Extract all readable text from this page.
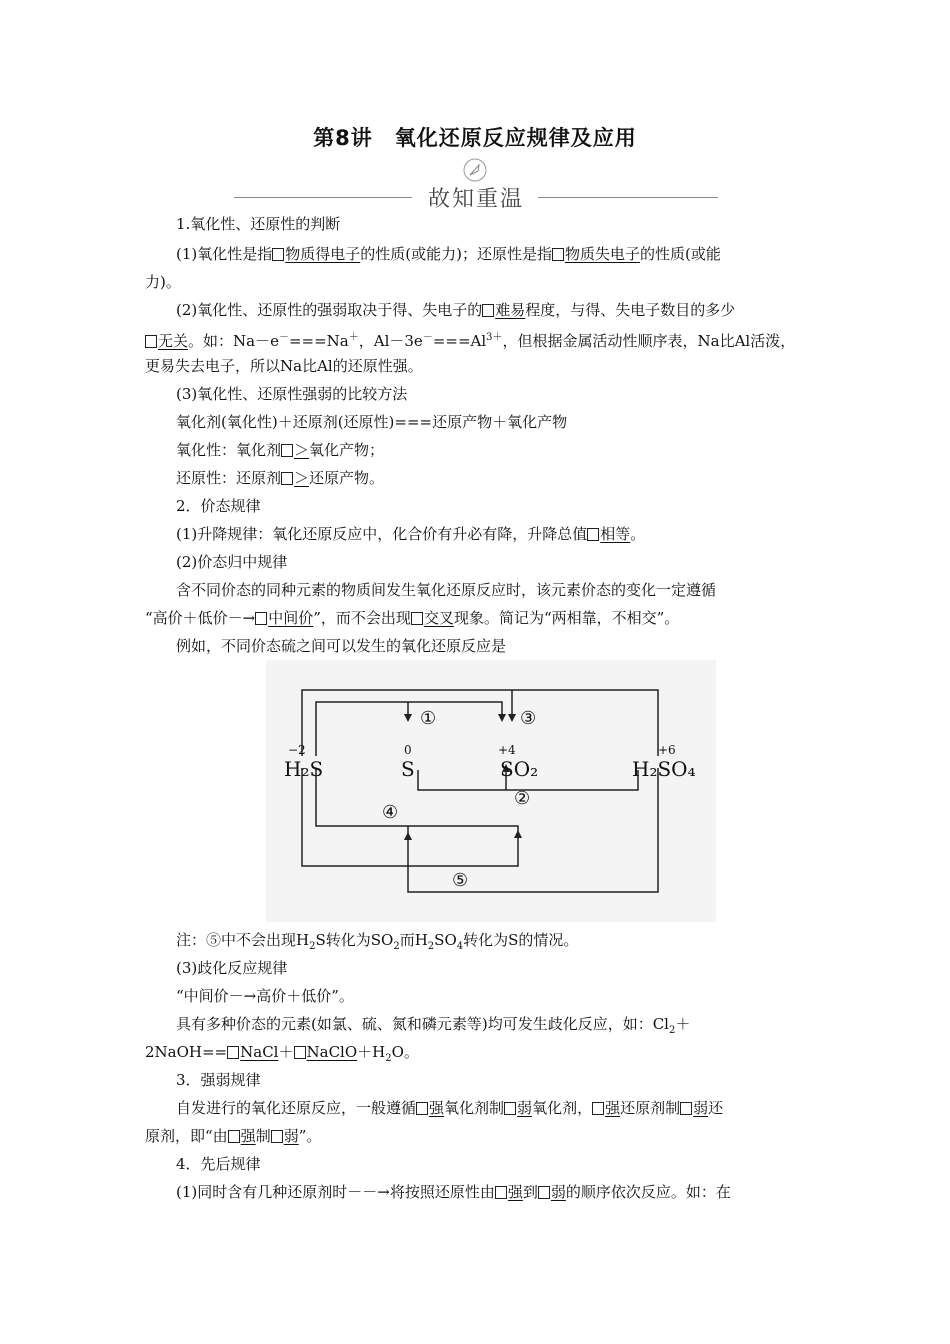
第8讲　氧化还原反应规律及应用
故知重温
1.氧化性、还原性的判断
(1)氧化性是指 物质得电子的性质(或能力)；还原性是指 物质失电子的性质(或能
力)。
(2)氧化性、还原性的强弱取决于得、失电子的 难易程度，与得、失电子数目的多少
无关。如：Na－e－===Na＋，$Al-3e^-===Al^{3+}$，但根据金属活动性顺序表，Na比Al活泼，
更易失去电子，所以Na比Al的还原性强。
(3)氧化性、还原性强弱的比较方法
氧化剂(氧化性)＋还原剂(还原性)===还原产物＋氧化产物
氧化性：氧化剂 ＞氧化产物；
还原性：还原剂 ＞还原产物。
2．价态规律
(1)升降规律：氧化还原反应中，化合价有升必有降，升降总值 相等。
(2)价态归中规律
含不同价态的同种元素的物质间发生氧化还原反应时，该元素价态的变化一定遵循
“高价＋低价－→ 中间价”，而不会出现 交叉现象。简记为“两相靠，不相交”。
例如，不同价态硫之间可以发生的氧化还原反应是
−2	0	+4	+6
H₂S	S	SO₂	H₂SO₄
①
②
③
④
⑤
注：⑤中不会出现$H_2S$转化为$SO_2$而$H_2SO_4$转化为S的情况。
(3)歧化反应规律
“中间价－→高价＋低价”。
具有多种价态的元素(如氯、硫、氮和磷元素等)均可发生歧化反应，如：$Cl_2+$
2NaOH== NaCl＋ $NaClO+H_2O$。
3．强弱规律
自发进行的氧化还原反应，一般遵循 强氧化剂制 弱氧化剂， 强还原剂制 弱还
原剂，即“由 强制 弱”。
4．先后规律
(1)同时含有几种还原剂时－－→将按照还原性由 强到 弱的顺序依次反应。如：在
